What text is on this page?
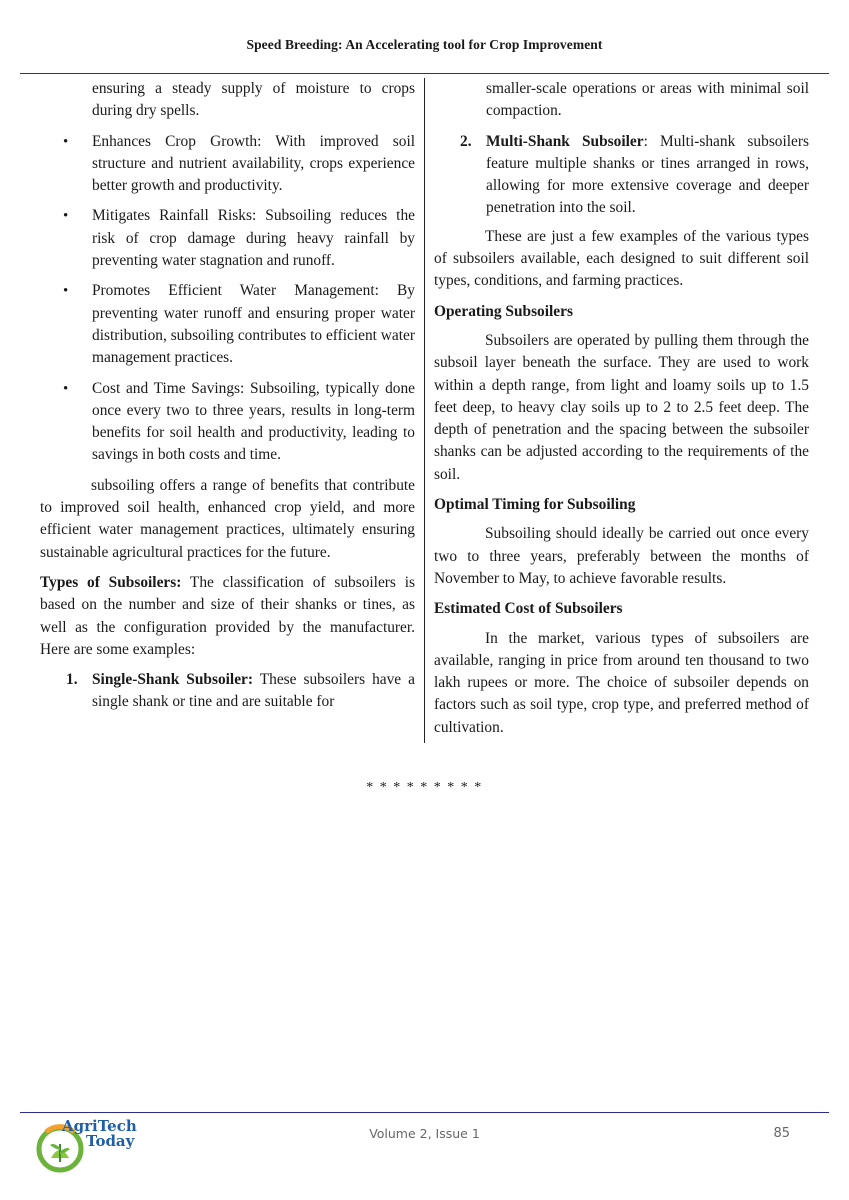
Speed Breeding: An Accelerating tool for Crop Improvement

ensuring a steady supply of moisture to crops during dry spells.

• Enhances Crop Growth: With improved soil structure and nutrient availability, crops experience better growth and productivity.
• Mitigates Rainfall Risks: Subsoiling reduces the risk of crop damage during heavy rainfall by preventing water stagnation and runoff.
• Promotes Efficient Water Management: By preventing water runoff and ensuring proper water distribution, subsoiling contributes to efficient water management practices.
• Cost and Time Savings: Subsoiling, typically done once every two to three years, results in long-term benefits for soil health and productivity, leading to savings in both costs and time.

subsoiling offers a range of benefits that contribute to improved soil health, enhanced crop yield, and more efficient water management practices, ultimately ensuring sustainable agricultural practices for the future.

Types of Subsoilers: The classification of subsoilers is based on the number and size of their shanks or tines, as well as the configuration provided by the manufacturer. Here are some examples:

1. Single-Shank Subsoiler: These subsoilers have a single shank or tine and are suitable for

smaller-scale operations or areas with minimal soil compaction.

2. Multi-Shank Subsoiler: Multi-shank subsoilers feature multiple shanks or tines arranged in rows, allowing for more extensive coverage and deeper penetration into the soil.

These are just a few examples of the various types of subsoilers available, each designed to suit different soil types, conditions, and farming practices.

Operating Subsoilers

Subsoilers are operated by pulling them through the subsoil layer beneath the surface. They are used to work within a depth range, from light and loamy soils up to 1.5 feet deep, to heavy clay soils up to 2 to 2.5 feet deep. The depth of penetration and the spacing between the subsoiler shanks can be adjusted according to the requirements of the soil.

Optimal Timing for Subsoiling

Subsoiling should ideally be carried out once every two to three years, preferably between the months of November to May, to achieve favorable results.

Estimated Cost of Subsoilers

In the market, various types of subsoilers are available, ranging in price from around ten thousand to two lakh rupees or more. The choice of subsoiler depends on factors such as soil type, crop type, and preferred method of cultivation.

* * * * * * * * *
AgriTech
Today	Volume 2, Issue 1	85
